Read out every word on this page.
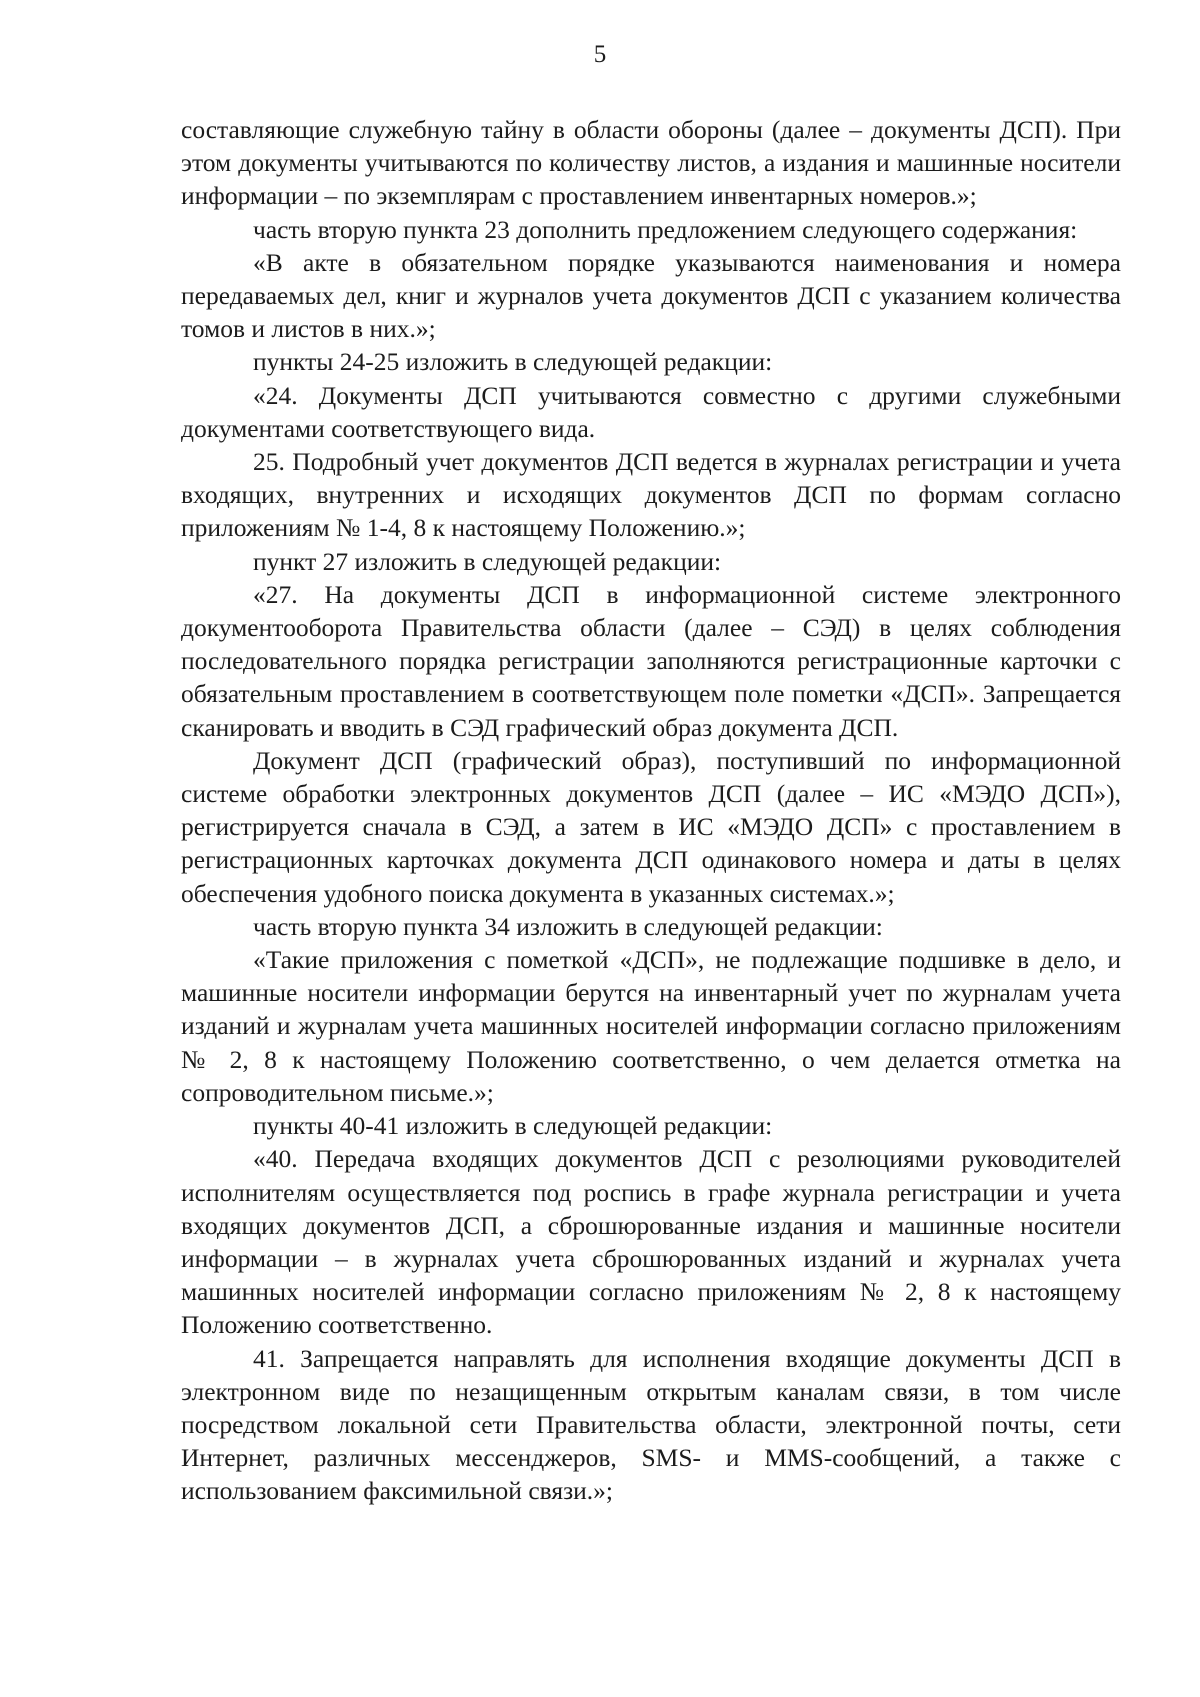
5

составляющие служебную тайну в области обороны (далее – документы ДСП). При этом документы учитываются по количеству листов, а издания и машинные носители информации – по экземплярам с проставлением инвентарных номеров.»;

часть вторую пункта 23 дополнить предложением следующего содержания:

«В акте в обязательном порядке указываются наименования и номера передаваемых дел, книг и журналов учета документов ДСП с указанием количества томов и листов в них.»;

пункты 24-25 изложить в следующей редакции:

«24. Документы ДСП учитываются совместно с другими служебными документами соответствующего вида.

25. Подробный учет документов ДСП ведется в журналах регистрации и учета входящих, внутренних и исходящих документов ДСП по формам согласно приложениям № 1-4, 8 к настоящему Положению.»;

пункт 27 изложить в следующей редакции:

«27. На документы ДСП в информационной системе электронного документооборота Правительства области (далее – СЭД) в целях соблюдения последовательного порядка регистрации заполняются регистрационные карточки с обязательным проставлением в соответствующем поле пометки «ДСП». Запрещается сканировать и вводить в СЭД графический образ документа ДСП.

Документ ДСП (графический образ), поступивший по информационной системе обработки электронных документов ДСП (далее – ИС «МЭДО ДСП»), регистрируется сначала в СЭД, а затем в ИС «МЭДО ДСП» с проставлением в регистрационных карточках документа ДСП одинакового номера и даты в целях обеспечения удобного поиска документа в указанных системах.»;

часть вторую пункта 34 изложить в следующей редакции:

«Такие приложения с пометкой «ДСП», не подлежащие подшивке в дело, и машинные носители информации берутся на инвентарный учет по журналам учета изданий и журналам учета машинных носителей информации согласно приложениям № 2, 8 к настоящему Положению соответственно, о чем делается отметка на сопроводительном письме.»;

пункты 40-41 изложить в следующей редакции:

«40. Передача входящих документов ДСП с резолюциями руководителей исполнителям осуществляется под роспись в графе журнала регистрации и учета входящих документов ДСП, а сброшюрованные издания и машинные носители информации – в журналах учета сброшюрованных изданий и журналах учета машинных носителей информации согласно приложениям № 2, 8 к настоящему Положению соответственно.

41. Запрещается направлять для исполнения входящие документы ДСП в электронном виде по незащищенным открытым каналам связи, в том числе посредством локальной сети Правительства области, электронной почты, сети Интернет, различных мессенджеров, SMS- и MMS-сообщений, а также с использованием факсимильной связи.»;
